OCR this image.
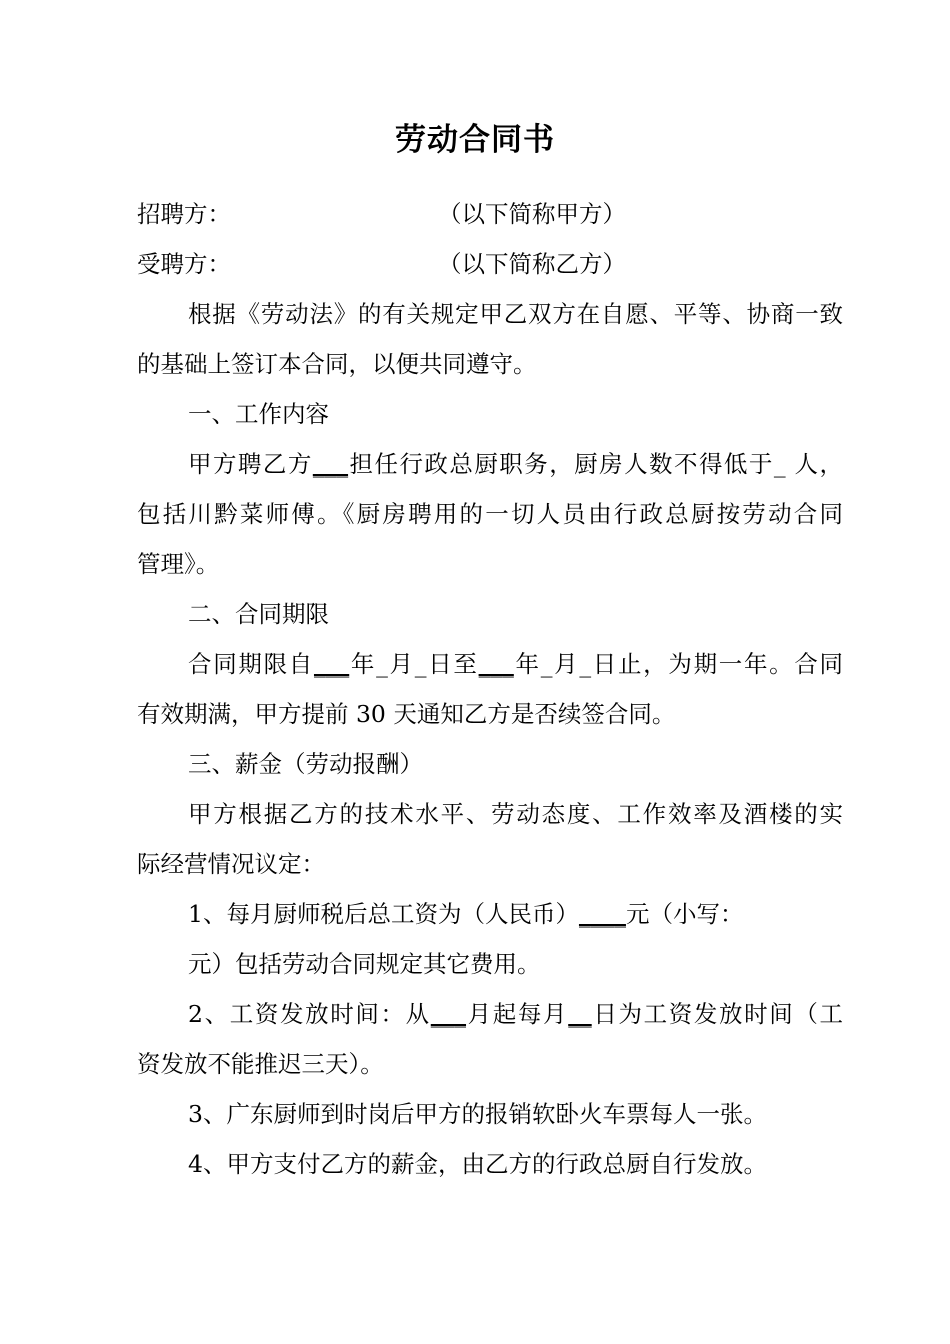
劳动合同书
招聘方：	（以下简称甲方）
受聘方：	（以下简称乙方）
根据《劳动法》的有关规定甲乙双方在自愿、平等、协商一致
的基础上签订本合同，以便共同遵守。
一、工作内容
甲方聘乙方___担任行政总厨职务，厨房人数不得低于_ 人，
包括川黔菜师傅。《厨房聘用的一切人员由行政总厨按劳动合同
管理》。
二、合同期限
合同期限自___年_月_日至___年_月_日止，为期一年。合同
有效期满，甲方提前 30 天通知乙方是否续签合同。
三、薪金（劳动报酬）
甲方根据乙方的技术水平、劳动态度、工作效率及酒楼的实
际经营情况议定：
1、每月厨师税后总工资为（人民币）____元（小写：
元）包括劳动合同规定其它费用。
2、工资发放时间：从___月起每月__日为工资发放时间（工
资发放不能推迟三天）。
3、广东厨师到时岗后甲方的报销软卧火车票每人一张。
4、甲方支付乙方的薪金，由乙方的行政总厨自行发放。
